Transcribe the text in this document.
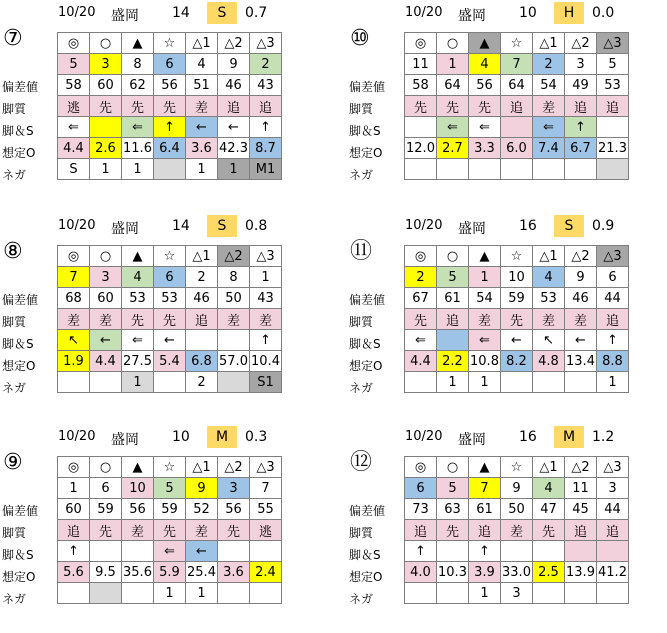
10/20 盛岡 14	S	0.7
⑦
偏差値
脚質
脚＆S
想定O
ネガ
◎	○	▲	☆	△1	△2	△3
5	3	8	6	4	9	2
58	60	62	56	51	46	43
逃	先	先	先	差	追	追
⇐		⇐	↑	←	←	↑
4.4	2.6	11.6	6.4	3.6	42.3	8.7
S	1	1		1	1	M1
10/20 盛岡 10	H	0.0
⑩
偏差値
脚質
脚＆S
想定O
ネガ
◎	○	▲	☆	△1	△2	△3
11	1	4	7	2	3	5
58	64	56	64	54	49	53
先	先	先	追	差	追	追
	⇐	⇐		⇐	↑	
12.0	2.7	3.3	6.0	7.4	6.7	21.3

10/20 盛岡 14	S	0.8
⑧
偏差値
脚質
脚＆S
想定O
ネガ
◎	○	▲	☆	△1	△2	△3
7	3	4	6	2	8	1
68	60	53	53	46	50	43
差	差	先	先	追	差	差
↖	←	⇐	←			↑
1.9	4.4	27.5	5.4	6.8	57.0	10.4
		1		2		S1
10/20 盛岡 16	S	0.9
⑪
偏差値
脚質
脚＆S
想定O
ネガ
◎	○	▲	☆	△1	△2	△3
2	5	1	10	4	9	6
67	61	54	59	53	46	44
先	追	差	先	差	差	追
⇐		⇐	←	↖	←	↑
4.4	2.2	10.8	8.2	4.8	13.4	8.8
	1	1				1
10/20 盛岡 10	M	0.3
⑨
偏差値
脚質
脚＆S
想定O
ネガ
◎	○	▲	☆	△1	△2	△3
1	6	10	5	9	3	7
60	59	56	59	52	56	55
追	先	差	先	差	先	逃
↑			⇐	←		
5.6	9.5	35.6	5.9	25.4	3.6	2.4
			1	1		
10/20 盛岡 16	M	1.2
⑫
偏差値
脚質
脚＆S
想定O
ネガ
◎	○	▲	☆	△1	△2	△3
6	5	7	9	4	11	3
73	63	61	50	47	45	44
追	先	追	差	先	追	追
↑		↑				
4.0	10.3	3.9	33.0	2.5	13.9	41.2
		1	3			
